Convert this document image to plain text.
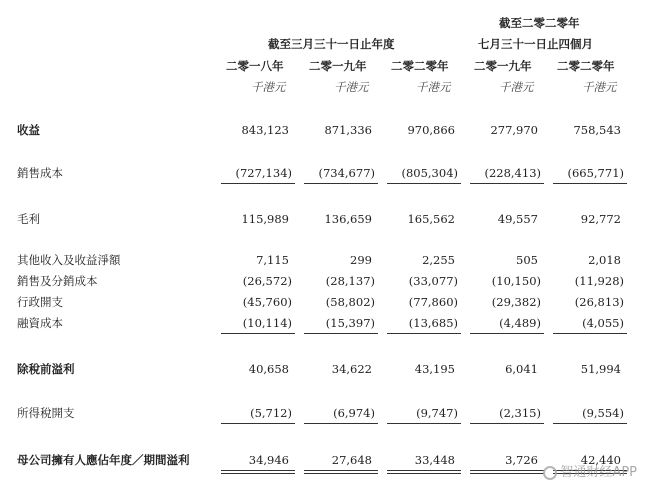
截至三月三十一日止年度
截至二零二零年
七月三十一日止四個月
二零一八年 二零一九年 二零二零年 二零一九年 二零二零年
千港元	千港元	千港元	千港元	千港元
收益	843,123	871,336	970,866	277,970	758,543
銷售成本	(727,134)	(734,677)	(805,304)	(228,413)	(665,771)
毛利	115,989	136,659	165,562	49,557	92,772
其他收入及收益淨額	7,115	299	2,255	505	2,018
銷售及分銷成本	(26,572)	(28,137)	(33,077)	(10,150)	(11,928)
行政開支	(45,760)	(58,802)	(77,860)	(29,382)	(26,813)
融資成本	(10,114)	(15,397)	(13,685)	(4,489)	(4,055)
除稅前溢利	40,658	34,622	43,195	6,041	51,994
所得稅開支	(5,712)	(6,974)	(9,747)	(2,315)	(9,554)
母公司擁有人應佔年度／期間溢利	34,946	27,648	33,448	3,726	42,440
智通财经APP
